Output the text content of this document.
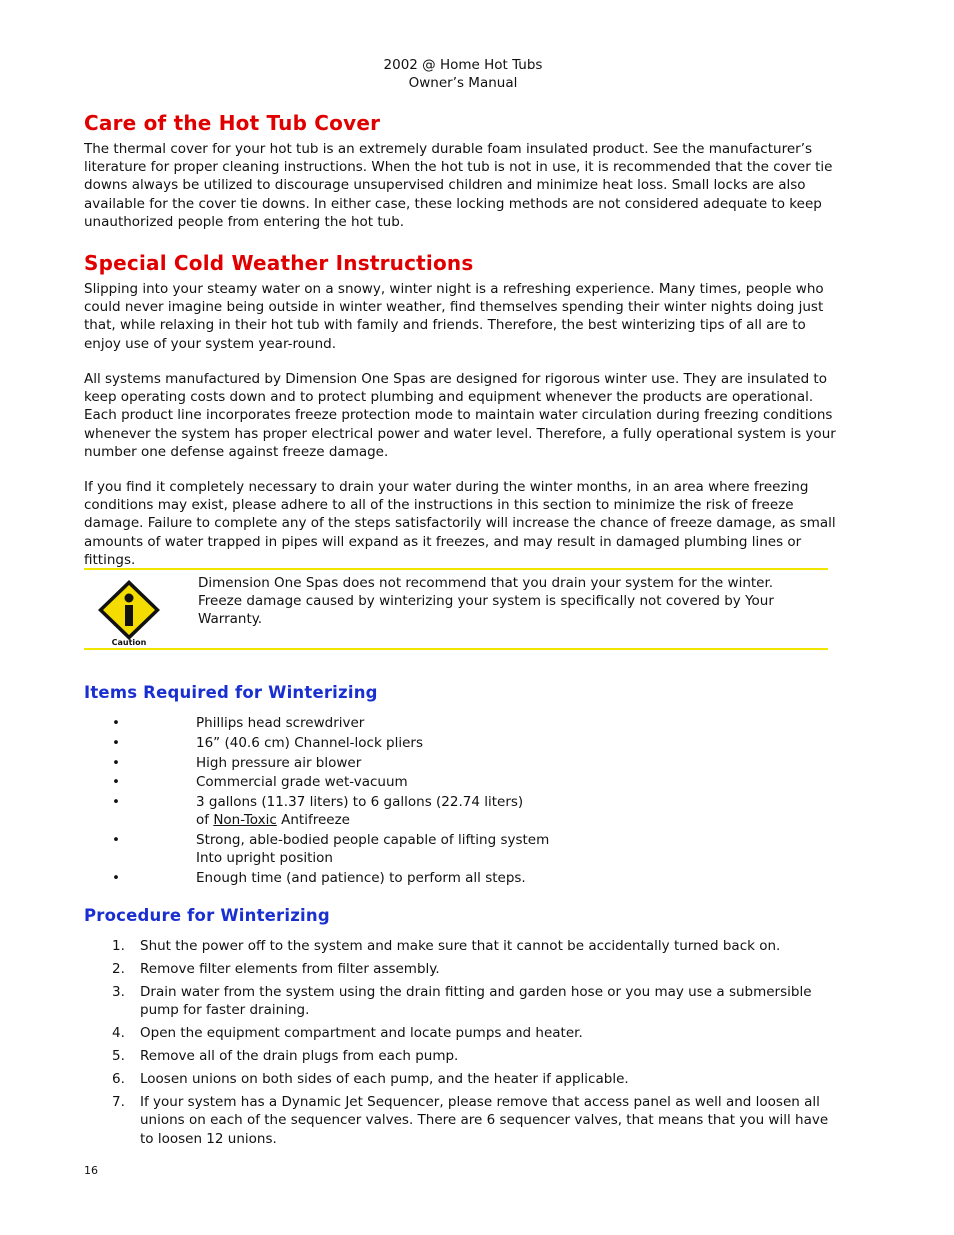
2002 @ Home Hot Tubs
Owner’s Manual
Care of the Hot Tub Cover

The thermal cover for your hot tub is an extremely durable foam insulated product. See the manufacturer’s literature for proper cleaning instructions. When the hot tub is not in use, it is recommended that the cover tie downs always be utilized to discourage unsupervised children and minimize heat loss. Small locks are also available for the cover tie downs. In either case, these locking methods are not considered adequate to keep unauthorized people from entering the hot tub.

Special Cold Weather Instructions

Slipping into your steamy water on a snowy, winter night is a refreshing experience. Many times, people who could never imagine being outside in winter weather, find themselves spending their winter nights doing just that, while relaxing in their hot tub with family and friends. Therefore, the best winterizing tips of all are to enjoy use of your system year-round.

All systems manufactured by Dimension One Spas are designed for rigorous winter use. They are insulated to keep operating costs down and to protect plumbing and equipment whenever the products are operational. Each product line incorporates freeze protection mode to maintain water circulation during freezing conditions whenever the system has proper electrical power and water level. Therefore, a fully operational system is your number one defense against freeze damage.

If you find it completely necessary to drain your water during the winter months, in an area where freezing conditions may exist, please adhere to all of the instructions in this section to minimize the risk of freeze damage. Failure to complete any of the steps satisfactorily will increase the chance of freeze damage, as small amounts of water trapped in pipes will expand as it freezes, and may result in damaged plumbing lines or fittings.

Caution

Dimension One Spas does not recommend that you drain your system for the winter. Freeze damage caused by winterizing your system is specifically not covered by Your Warranty.

Items Required for Winterizing
•	Phillips head screwdriver
•	16” (40.6 cm) Channel-lock pliers
•	High pressure air blower
•	Commercial grade wet-vacuum
•	3 gallons (11.37 liters) to 6 gallons (22.74 liters)
of Non-Toxic Antifreeze
•	Strong, able-bodied people capable of lifting system
Into upright position
•	Enough time (and patience) to perform all steps.
Procedure for Winterizing
1. Shut the power off to the system and make sure that it cannot be accidentally turned back on.
2. Remove filter elements from filter assembly.
3. Drain water from the system using the drain fitting and garden hose or you may use a submersible pump for faster draining.
4. Open the equipment compartment and locate pumps and heater.
5. Remove all of the drain plugs from each pump.
6. Loosen unions on both sides of each pump, and the heater if applicable.
7. If your system has a Dynamic Jet Sequencer, please remove that access panel as well and loosen all unions on each of the sequencer valves. There are 6 sequencer valves, that means that you will have to loosen 12 unions.
16
